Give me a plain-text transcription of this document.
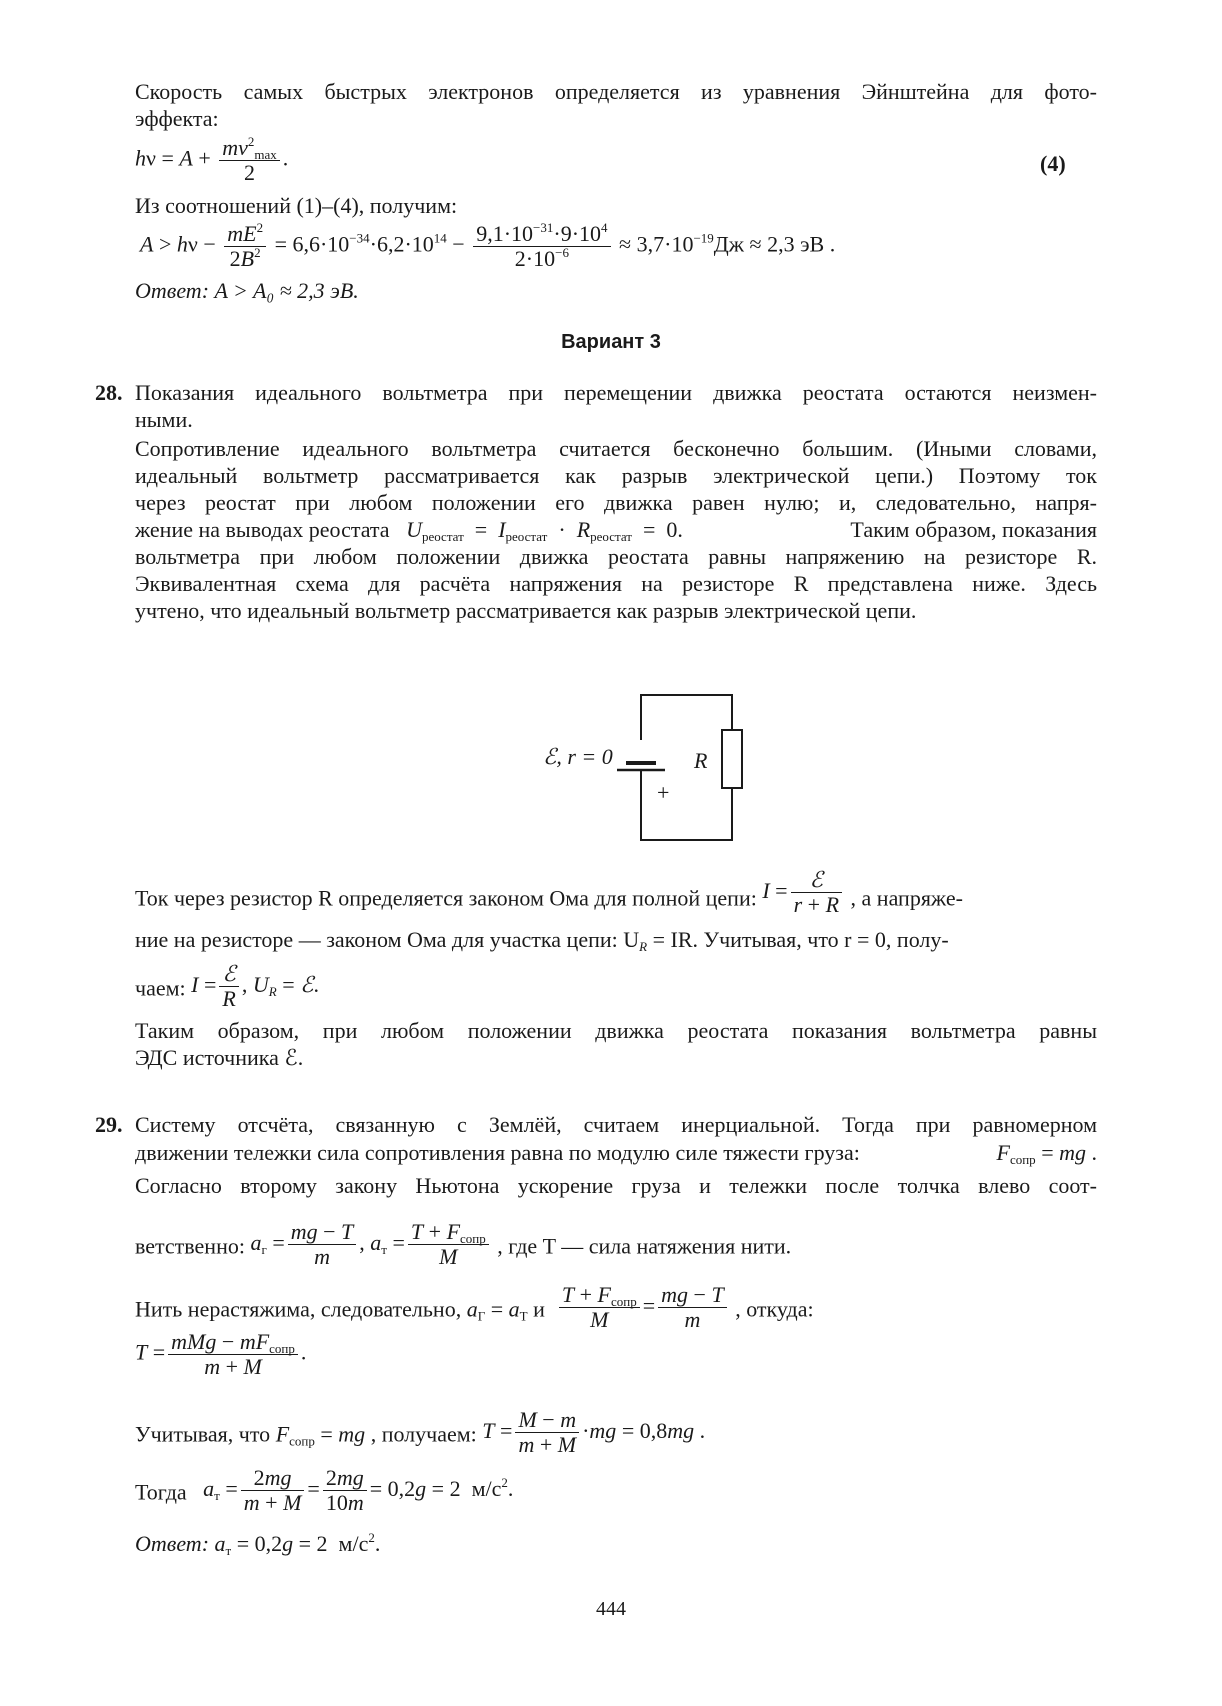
Скорость самых быстрых электронов определяется из уравнения Эйнштейна для фото-
эффекта:
$h\nu = A + \frac{mv^2_{max}}{2}$ .	(4)
Из соотношений (1)–(4), получим:
$A > h\nu - \frac{mE^2}{2B^2} = 6,6\cdot 10^{-34}\cdot 6,2\cdot 10^{14} - \frac{9,1\cdot 10^{-31}\cdot 9\cdot 10^4}{2\cdot 10^{-6}} \approx 3,7\cdot 10^{-19}Дж \approx 2,3$ эВ .
Ответ: A > A₀ ≈ 2,3 эВ.
Вариант 3
28. Показания идеального вольтметра при перемещении движка реостата остаются неизмен-
ными.
Сопротивление идеального вольтметра считается бесконечно большим. (Иными словами,
идеальный вольтметр рассматривается как разрыв электрической цепи.) Поэтому ток
через реостат при любом положении его движка равен нулю; и, следовательно, напря-
жение на выводах реостата $U_{реостат} = I_{реостат} \cdot R_{реостат} = 0$.	Таким образом, показания
вольтметра при любом положении движка реостата равны напряжению на резисторе R.
Эквивалентная схема для расчёта напряжения на резисторе R представлена ниже. Здесь
учтено, что идеальный вольтметр рассматривается как разрыв электрической цепи.
ℰ, r = 0	R
+
Ток через резистор R определяется законом Ома для полной цепи: $I = \frac{\text{ℰ}}{r + R}$ , а напряже-
ние на резисторе — законом Ома для участка цепи: $U_R$ = IR. Учитывая, что r = 0, полу-
чаем: $I = \frac{\text{ℰ}}{R}$ , $U_R$ = ℰ.
Таким образом, при любом положении движка реостата показания вольтметра равны
ЭДС источника ℰ.
29. Систему отсчёта, связанную с Землёй, считаем инерциальной. Тогда при равномерном
движении тележки сила сопротивления равна по модулю силе тяжести груза:	$F_{сопр}$ = mg .
Согласно второму закону Ньютона ускорение груза и тележки после толчка влево соот-
ветственно: $a_г = \frac{mg - T}{m}$ , $a_т = \frac{T + F_{сопр}}{M}$ , где T — сила натяжения нити.
Нить нерастяжима, следовательно, $a_Г = a_Т$ и $\frac{T + F_{сопр}}{M} = \frac{mg - T}{m}$ , откуда:
$T = \frac{mMg - mF_{сопр}}{m + M}$ .
Учитывая, что $F_{сопр}$ = mg , получаем: $T = \frac{M - m}{m + M} \cdot mg = 0,8mg$ .
Тогда $a_т = \frac{2mg}{m + M} = \frac{2mg}{10m} = 0,2g = 2$  $м/с^2$.
Ответ: $a_т = 0,2g = 2$  $м/с^2$.
444
